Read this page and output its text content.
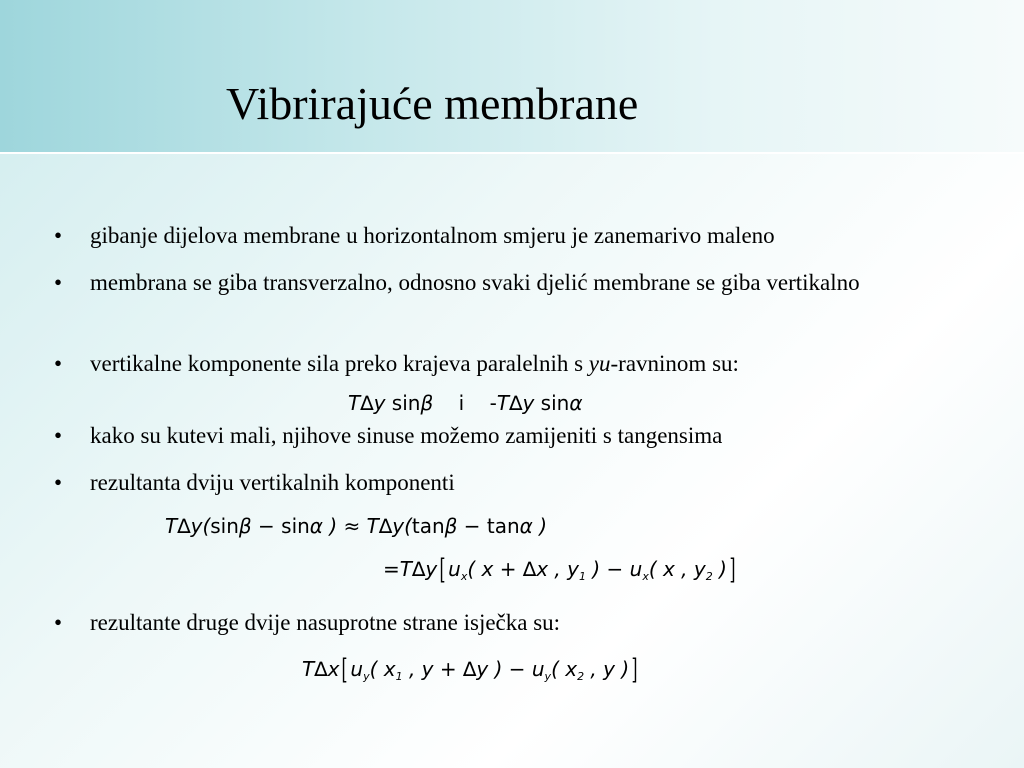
Vibrirajuće membrane
• gibanje dijelova membrane u horizontalnom smjeru je zanemarivo maleno
• membrana se giba transverzalno, odnosno svaki djelić membrane se giba vertikalno
• vertikalne komponente sila preko krajeva paralelnih s yu-ravninom su:
T∆y sinβ    i    -T∆y sinα
• kako su kutevi mali, njihove sinuse možemo zamijeniti s tangensima
• rezultanta dviju vertikalnih komponenti
T∆y(sinβ − sinα ) ≈ T∆y(tanβ − tanα )
=T∆y[ $u_x$( x + ∆x , $y_1$ ) − $u_x$( x , $y_2$ )]
• rezultante druge dvije nasuprotne strane isječka su:
T∆x[ $u_y$( $x_1$ , y + ∆y ) − $u_y$( $x_2$ , y )]
